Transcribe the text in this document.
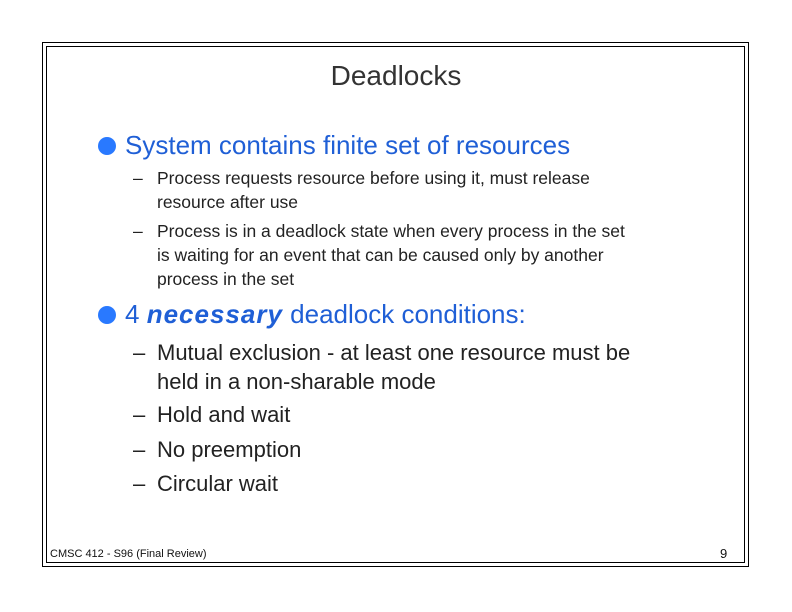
Deadlocks
System contains finite set of resources
– Process requests resource before using it, must release
resource after use
– Process is in a deadlock state when every process in the set
is waiting for an event that can be caused only by another
process in the set
4 necessary deadlock conditions:
– Mutual exclusion - at least one resource must be
held in a non-sharable mode
– Hold and wait
– No preemption
– Circular wait
CMSC 412 - S96 (Final Review)	9
